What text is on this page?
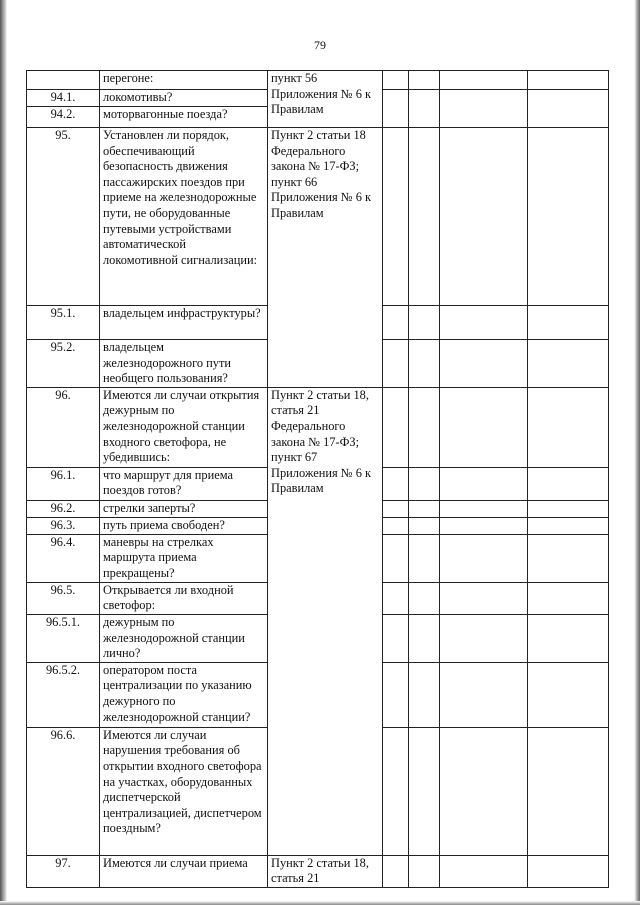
79
	перегоне:	пункт 56 Приложения № 6 к Правилам				
94.1.	локомотивы?					
94.2.	моторвагонные поезда?					
95.	Установлен ли порядок, обеспечивающий безопасность движения пассажирских поездов при приеме на железнодорожные пути, не оборудованные путевыми устройствами автоматической локомотивной сигнализации:	Пункт 2 статьи 18 Федерального закона № 17-ФЗ; пункт 66 Приложения № 6 к Правилам				
95.1.	владельцем инфраструктуры?					
95.2.	владельцем железнодорожного пути необщего пользования?					
96.	Имеются ли случаи открытия дежурным по железнодорожной станции входного светофора, не убедившись:	Пункт 2 статьи 18, статья 21 Федерального закона № 17-ФЗ; пункт 67 Приложения № 6 к Правилам				
96.1.	что маршрут для приема поездов готов?					
96.2.	стрелки заперты?					
96.3.	путь приема свободен?					
96.4.	маневры на стрелках маршрута приема прекращены?					
96.5.	Открывается ли входной светофор:					
96.5.1.	дежурным по железнодорожной станции лично?					
96.5.2.	оператором поста централизации по указанию дежурного по железнодорожной станции?					
96.6.	Имеются ли случаи нарушения требования об открытии входного светофора на участках, оборудованных диспетчерской централизацией, диспетчером поездным?					
97.	Имеются ли случаи приема	Пункт 2 статьи 18, статья 21				
